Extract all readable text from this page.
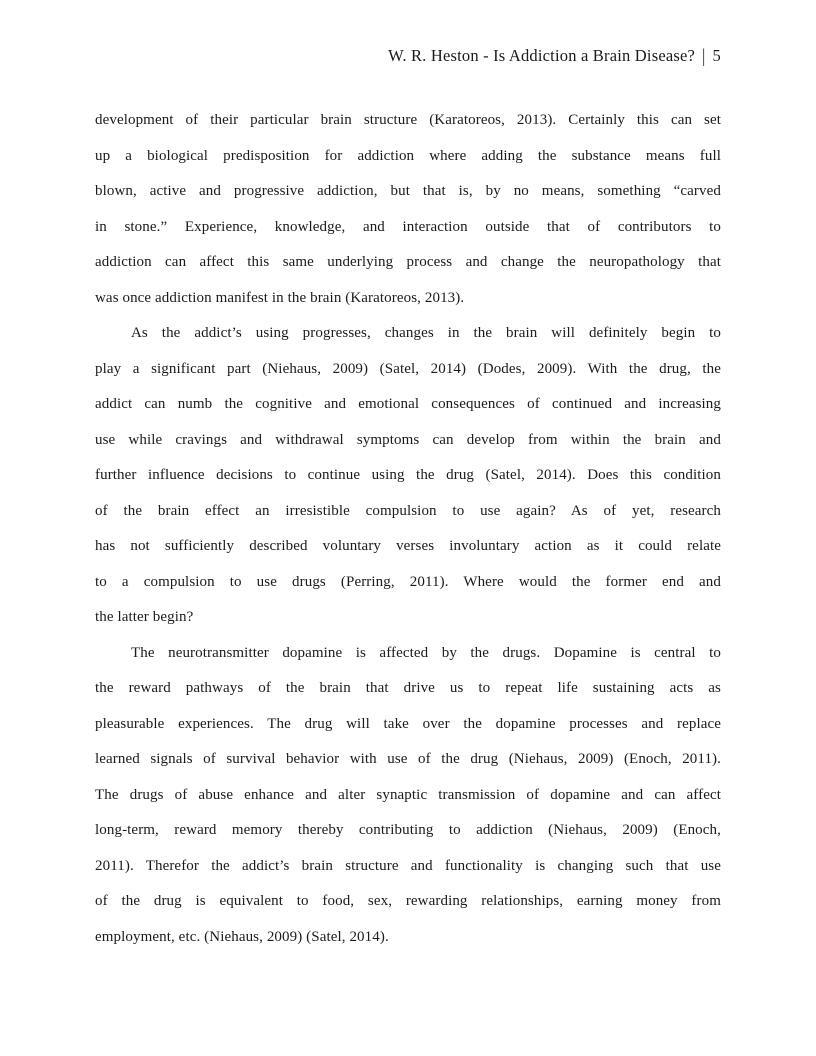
W. R. Heston - Is Addiction a Brain Disease? | 5
development of their particular brain structure (Karatoreos, 2013). Certainly this can set
up a biological predisposition for addiction where adding the substance means full
blown, active and progressive addiction, but that is, by no means, something “carved
in stone.” Experience, knowledge, and interaction outside that of contributors to
addiction can affect this same underlying process and change the neuropathology that
was once addiction manifest in the brain (Karatoreos, 2013).
As the addict’s using progresses, changes in the brain will definitely begin to
play a significant part (Niehaus, 2009) (Satel, 2014) (Dodes, 2009). With the drug, the
addict can numb the cognitive and emotional consequences of continued and increasing
use while cravings and withdrawal symptoms can develop from within the brain and
further influence decisions to continue using the drug (Satel, 2014). Does this condition
of the brain effect an irresistible compulsion to use again? As of yet, research
has not sufficiently described voluntary verses involuntary action as it could relate
to a compulsion to use drugs (Perring, 2011). Where would the former end and
the latter begin?
The neurotransmitter dopamine is affected by the drugs. Dopamine is central to
the reward pathways of the brain that drive us to repeat life sustaining acts as
pleasurable experiences. The drug will take over the dopamine processes and replace
learned signals of survival behavior with use of the drug (Niehaus, 2009) (Enoch, 2011).
The drugs of abuse enhance and alter synaptic transmission of dopamine and can affect
long-term, reward memory thereby contributing to addiction (Niehaus, 2009) (Enoch,
2011). Therefor the addict’s brain structure and functionality is changing such that use
of the drug is equivalent to food, sex, rewarding relationships, earning money from
employment, etc. (Niehaus, 2009) (Satel, 2014).
